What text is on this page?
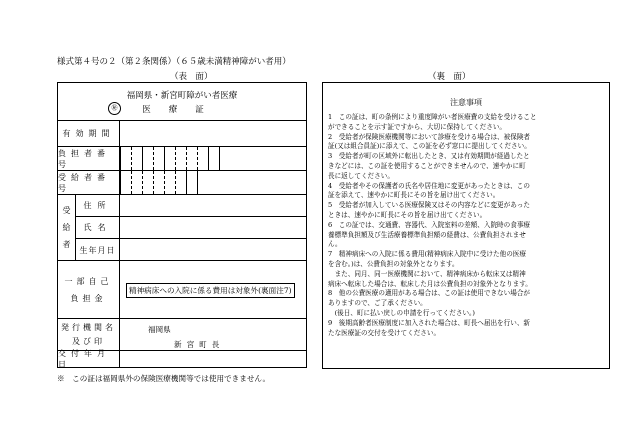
様式第４号の２（第２条関係）（６５歳未満精神障がい者用）
（表　面）	（裏　面）
福岡県・新宮町障がい者医療
㊙	医療証
有効期間
負担者番号
受給者番号
受
給
者
住所
氏名
生年月日
一部自己
負担金
精神病床への入院に係る費用は対象外(裏面注7)
発行機関名
及び印
福岡県
新宮町長
交付年月日
※　この証は福岡県外の保険医療機関等では使用できません。
注意事項
1　この証は、町の条例により重度障がい者医療費の支給を受けること
ができることを示す証ですから、大切に保持してください。
2　受給者が保険医療機関等において診療を受ける場合は、被保険者
証(又は組合員証)に添えて、この証を必ず窓口に提出してください。
3　受給者が町の区域外に転出したとき、又は有効期間が経過したと
きなどには、この証を使用することができませんので、速やかに町
長に返してください。
4　受給者やその保護者の氏名や居住地に変更があったときは、この
証を添えて、速やかに町長にその旨を届け出てください。
5　受給者が加入している医療保険又はその内容などに変更があった
ときは、速やかに町長にその旨を届け出てください。
6　この証では、交通費、容器代、入院室料の差額、入院時の食事療
養標準負担額及び生活療養標準負担額の経費は、公費負担されませ
ん。
7　精神病床への入院に係る費用(精神病床入院中に受けた他の医療
を含む。)は、公費負担の対象外となります。
　また、同月、同一医療機関において、精神病床から転床又は精神
病床へ転床した場合は、転床した月は公費負担の対象外となります。
8　他の公費医療の適用がある場合は、この証は使用できない場合が
ありますので、ご了承ください。
　(後日、町に払い戻しの申請を行ってください。)
9　後期高齢者医療制度に加入された場合は、町長へ届出を行い、新
たな医療証の交付を受けてください。
